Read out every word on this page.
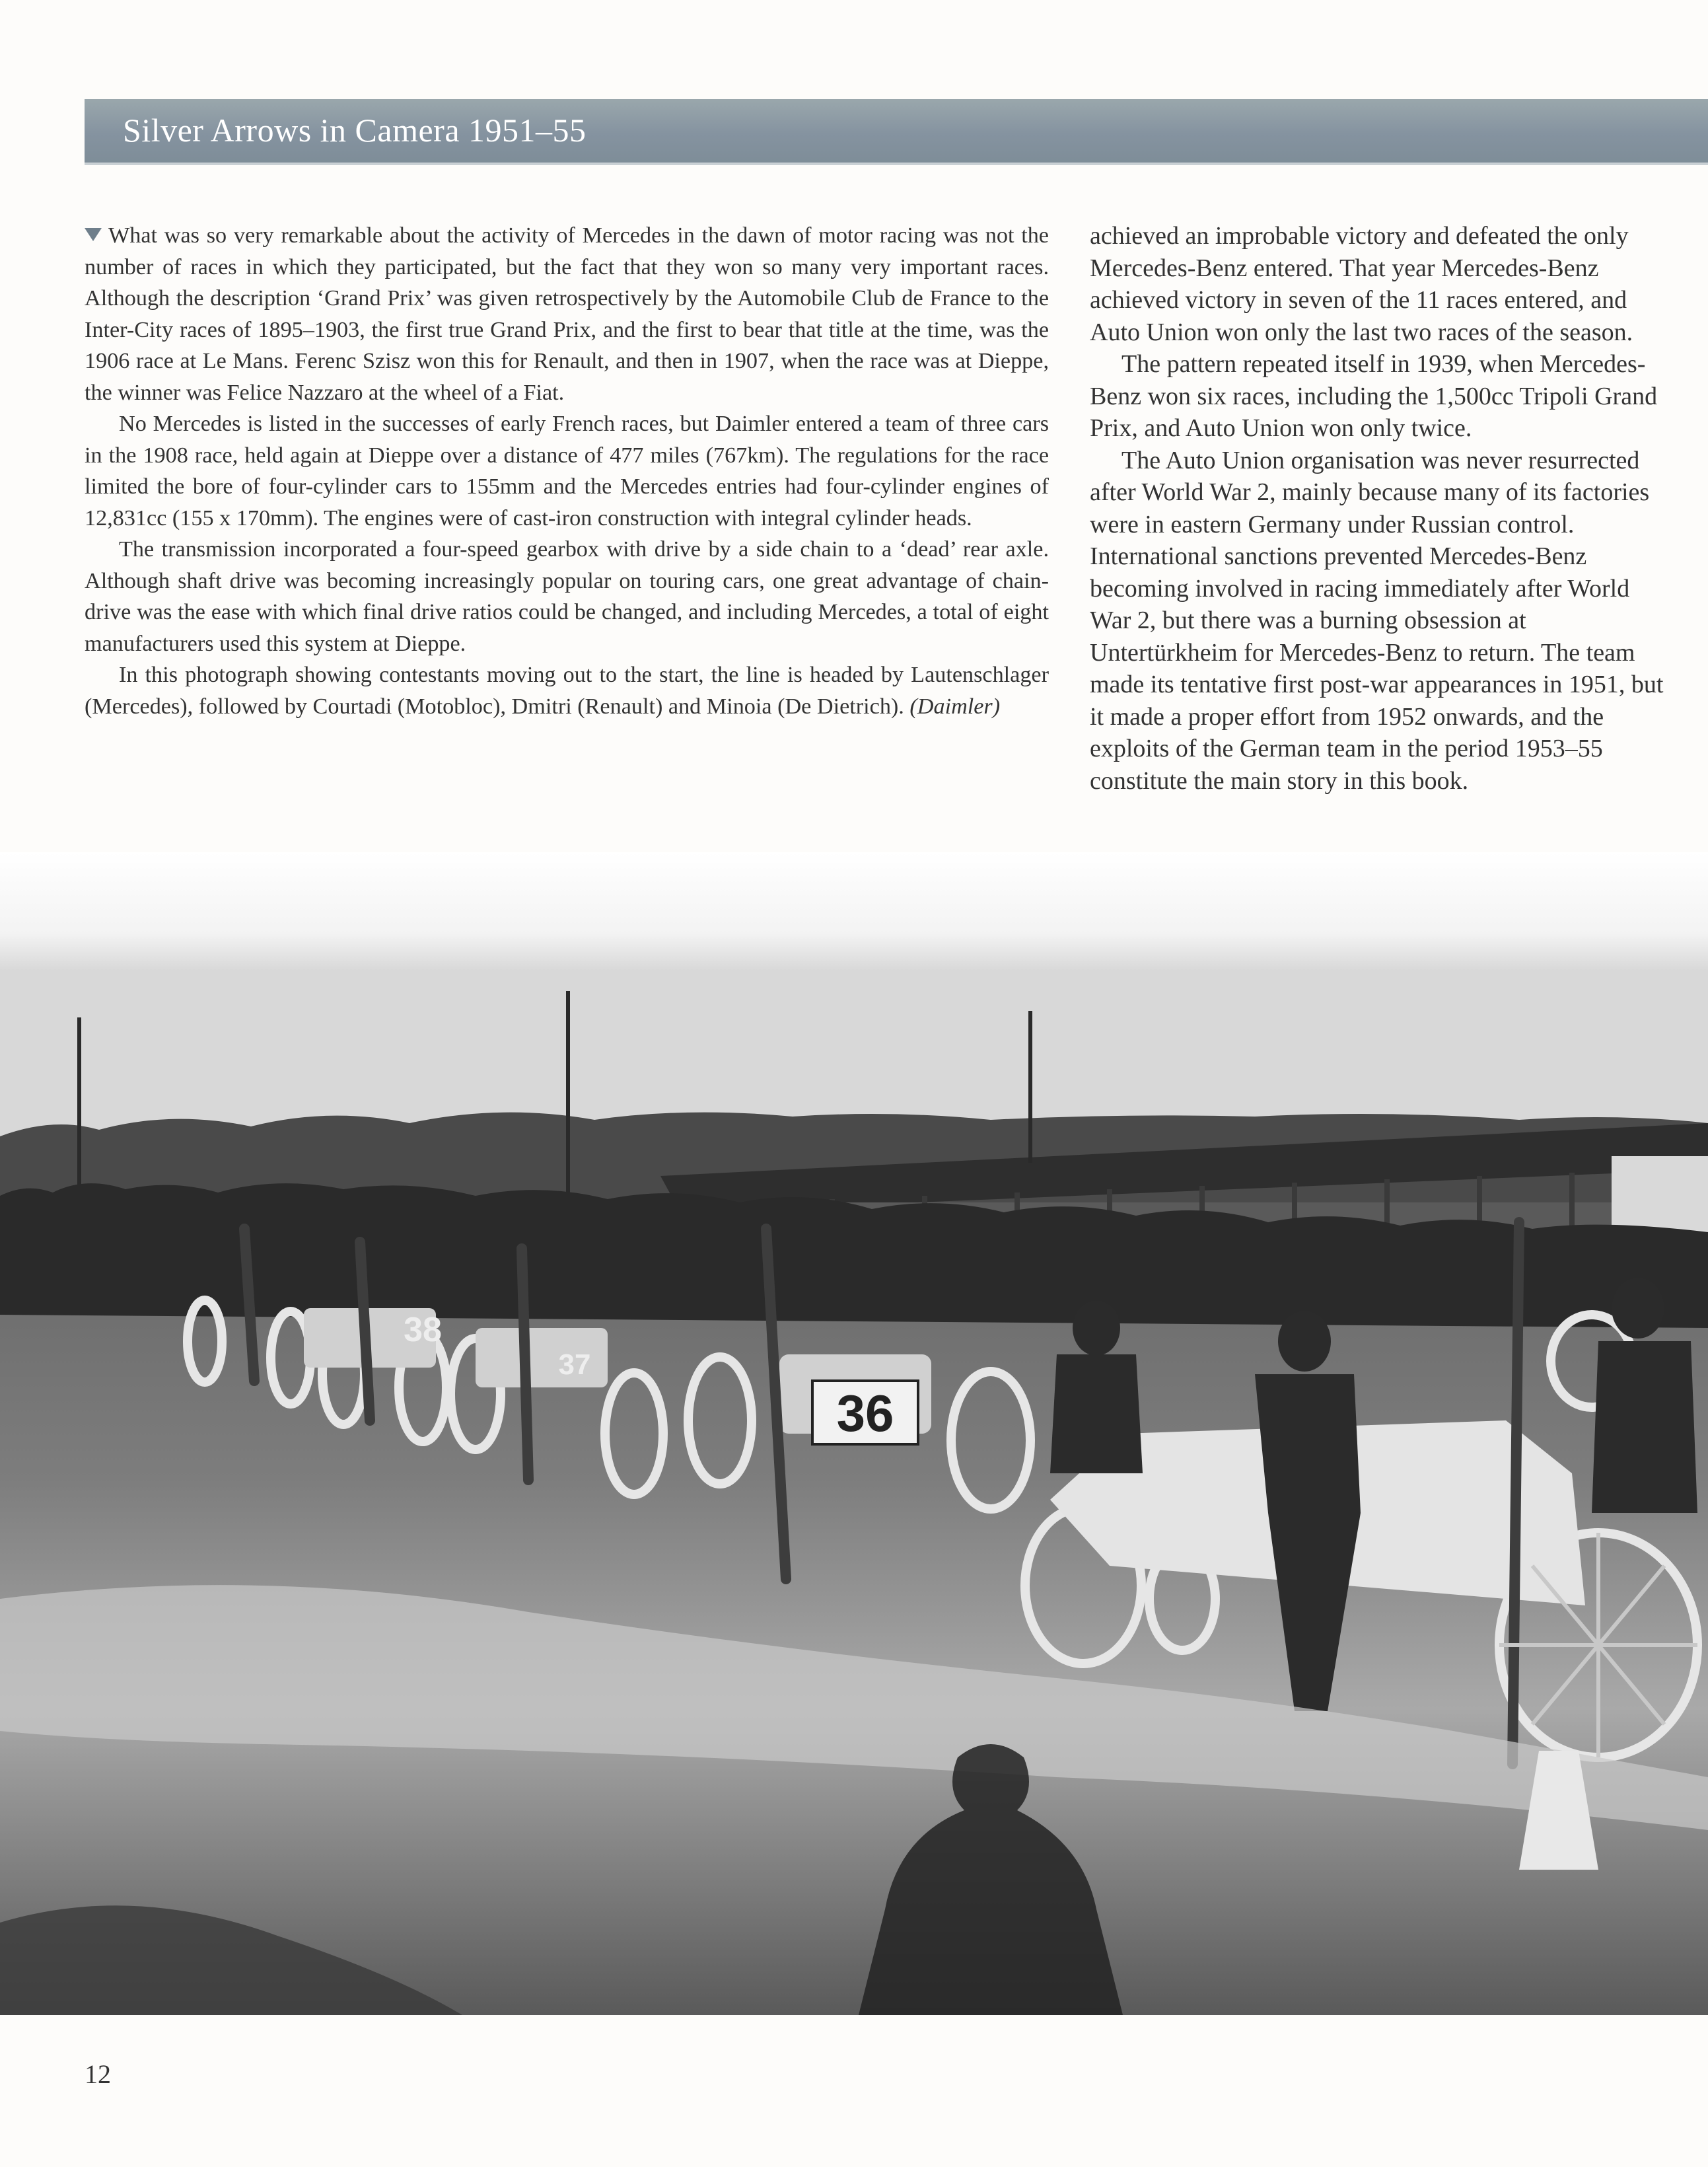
Silver Arrows in Camera 1951–55

What was so very remarkable about the activity of Mercedes in the dawn of motor racing was not the number of races in which they participated, but the fact that they won so many very important races. Although the description ‘Grand Prix’ was given retrospectively by the Automobile Club de France to the Inter-City races of 1895–1903, the first true Grand Prix, and the first to bear that title at the time, was the 1906 race at Le Mans. Ferenc Szisz won this for Renault, and then in 1907, when the race was at Dieppe, the winner was Felice Nazzaro at the wheel of a Fiat.

No Mercedes is listed in the successes of early French races, but Daimler entered a team of three cars in the 1908 race, held again at Dieppe over a distance of 477 miles (767km). The regulations for the race limited the bore of four-cylinder cars to 155mm and the Mercedes entries had four-cylinder engines of 12,831cc (155 x 170mm). The engines were of cast-iron construction with integral cylinder heads.

The transmission incorporated a four-speed gearbox with drive by a side chain to a ‘dead’ rear axle. Although shaft drive was becoming increasingly popular on touring cars, one great advantage of chain-drive was the ease with which final drive ratios could be changed, and including Mercedes, a total of eight manufacturers used this system at Dieppe.

In this photograph showing contestants moving out to the start, the line is headed by Lautenschlager (Mercedes), followed by Courtadi (Motobloc), Dmitri (Renault) and Minoia (De Dietrich). (Daimler)

achieved an improbable victory and defeated the only Mercedes-Benz entered. That year Mercedes-Benz achieved victory in seven of the 11 races entered, and Auto Union won only the last two races of the season.

The pattern repeated itself in 1939, when Mercedes-Benz won six races, including the 1,500cc Tripoli Grand Prix, and Auto Union won only twice.

The Auto Union organisation was never resurrected after World War 2, mainly because many of its factories were in eastern Germany under Russian control. International sanctions prevented Mercedes-Benz becoming involved in racing immediately after World War 2, but there was a burning obsession at Untertürkheim for Mercedes-Benz to return. The team made its tentative first post-war appearances in 1951, but it made a proper effort from 1952 onwards, and the exploits of the German team in the period 1953–55 constitute the main story in this book.

36
38
37
12
